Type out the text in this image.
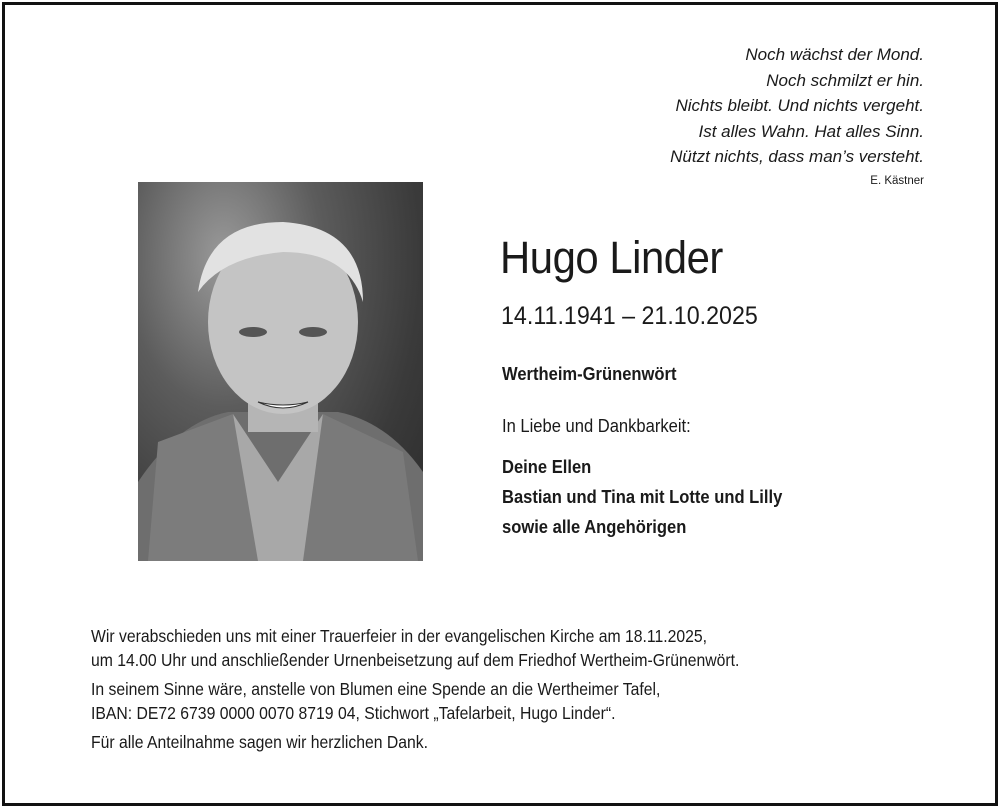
Noch wächst der Mond.
Noch schmilzt er hin.
Nichts bleibt. Und nichts vergeht.
Ist alles Wahn. Hat alles Sinn.
Nützt nichts, dass man’s versteht.
E. Kästner
Hugo Linder
14.11.1941 – 21.10.2025
Wertheim-Grünenwört
In Liebe und Dankbarkeit:
Deine Ellen
Bastian und Tina mit Lotte und Lilly
sowie alle Angehörigen

Wir verabschieden uns mit einer Trauerfeier in der evangelischen Kirche am 18.11.2025,

um 14.00 Uhr und anschließender Urnenbeisetzung auf dem Friedhof Wertheim-Grünenwört.

In seinem Sinne wäre, anstelle von Blumen eine Spende an die Wertheimer Tafel,

IBAN: DE72 6739 0000 0070 8719 04, Stichwort „Tafelarbeit, Hugo Linder“.

Für alle Anteilnahme sagen wir herzlichen Dank.
